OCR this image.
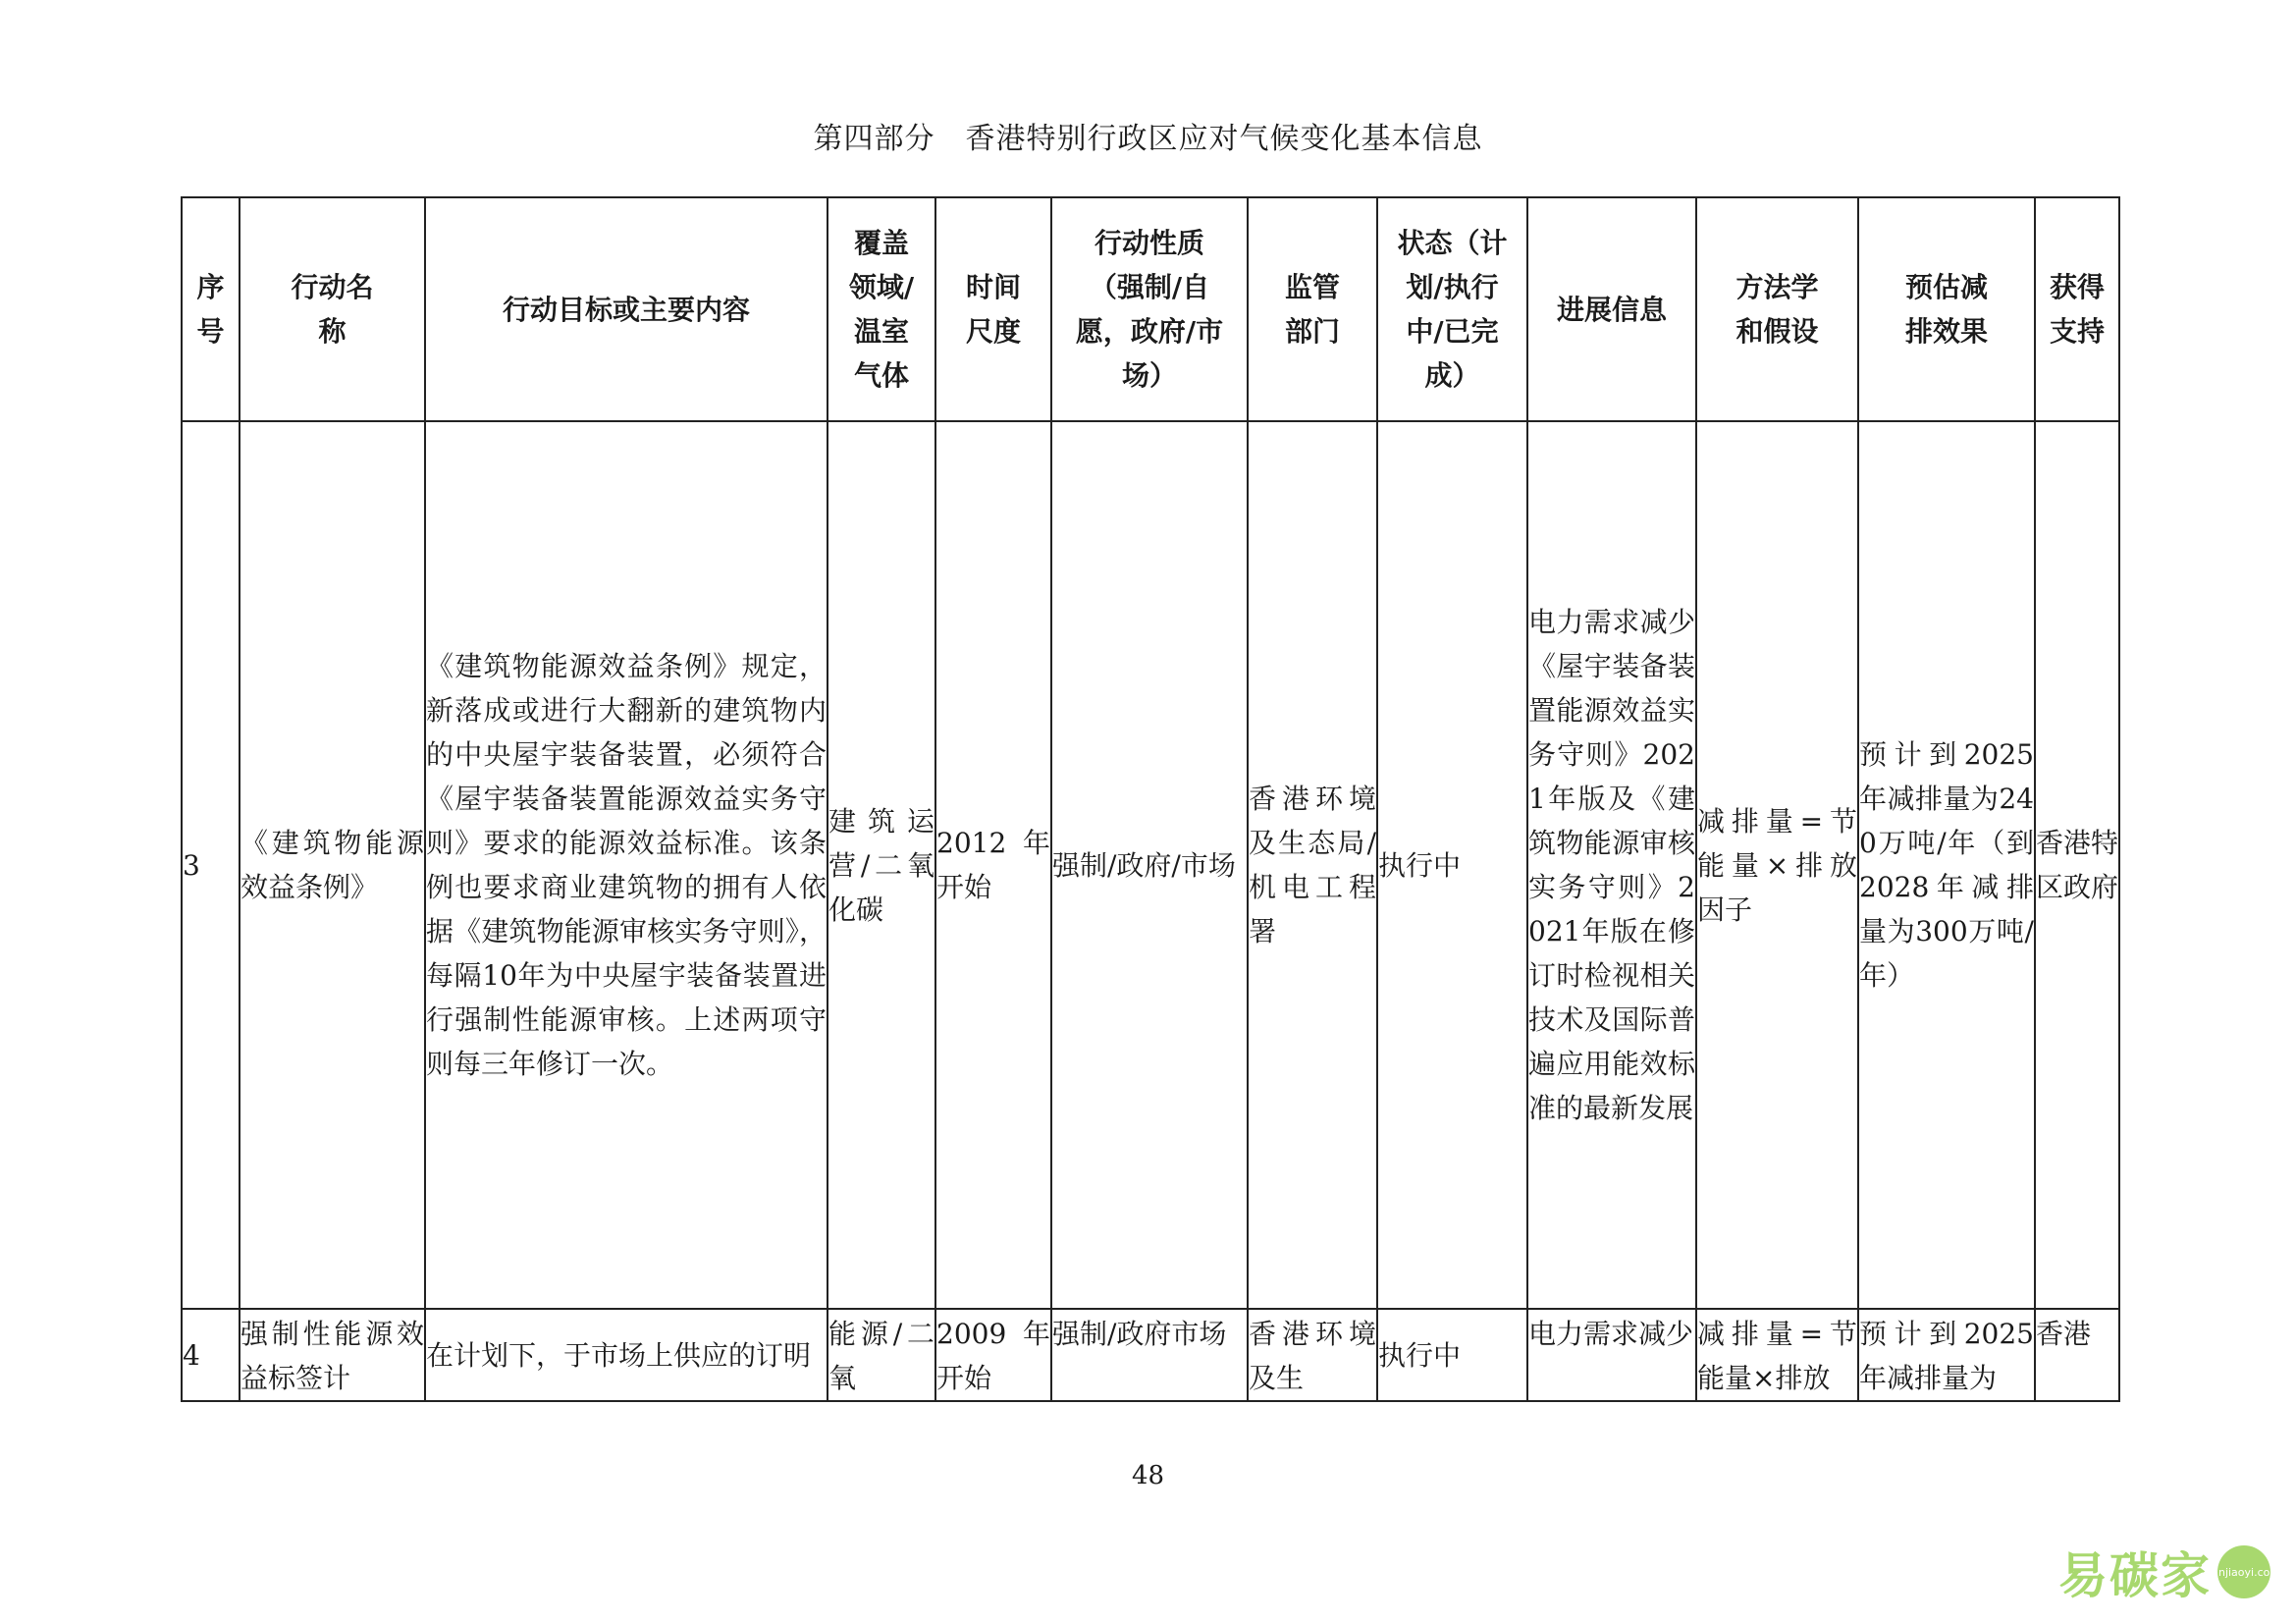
第四部分　香港特别行政区应对气候变化基本信息
序号	行动名称	行动目标或主要内容	覆盖领域/温室气体	时间尺度	行动性质（强制/自愿，政府/市场）	监管部门	状态（计划/执行中/已完成）	进展信息	方法学和假设	预估减排效果	获得支持
3	《建筑物能源效益条例》	《建筑物能源效益条例》规定，新落成或进行大翻新的建筑物内的中央屋宇装备装置，必须符合《屋宇装备装置能源效益实务守则》要求的能源效益标准。该条例也要求商业建筑物的拥有人依据《建筑物能源审核实务守则》，每隔10年为中央屋宇装备装置进行强制性能源审核。上述两项守则每三年修订一次。	建筑运营/二氧化碳	2012年开始	强制/政府/市场	香港环境及生态局/机电工程署	执行中	电力需求减少《屋宇装备装置能源效益实务守则》2021年版及《建筑物能源审核实务守则》2021年版在修订时检视相关技术及国际普遍应用能效标准的最新发展	减排量=节能量×排放因子	预计到2025年减排量为240万吨/年（到2028年减排量为300万吨/年）	香港特区政府
4	强制性能源效益标签计	在计划下，于市场上供应的订明	能源/二氧	2009年开始	强制/政府市场	香港环境及生	执行中	电力需求减少	减排量=节能量×排放	预计到2025年减排量为	香港
48
易碳家
tanjiaoyi.com
